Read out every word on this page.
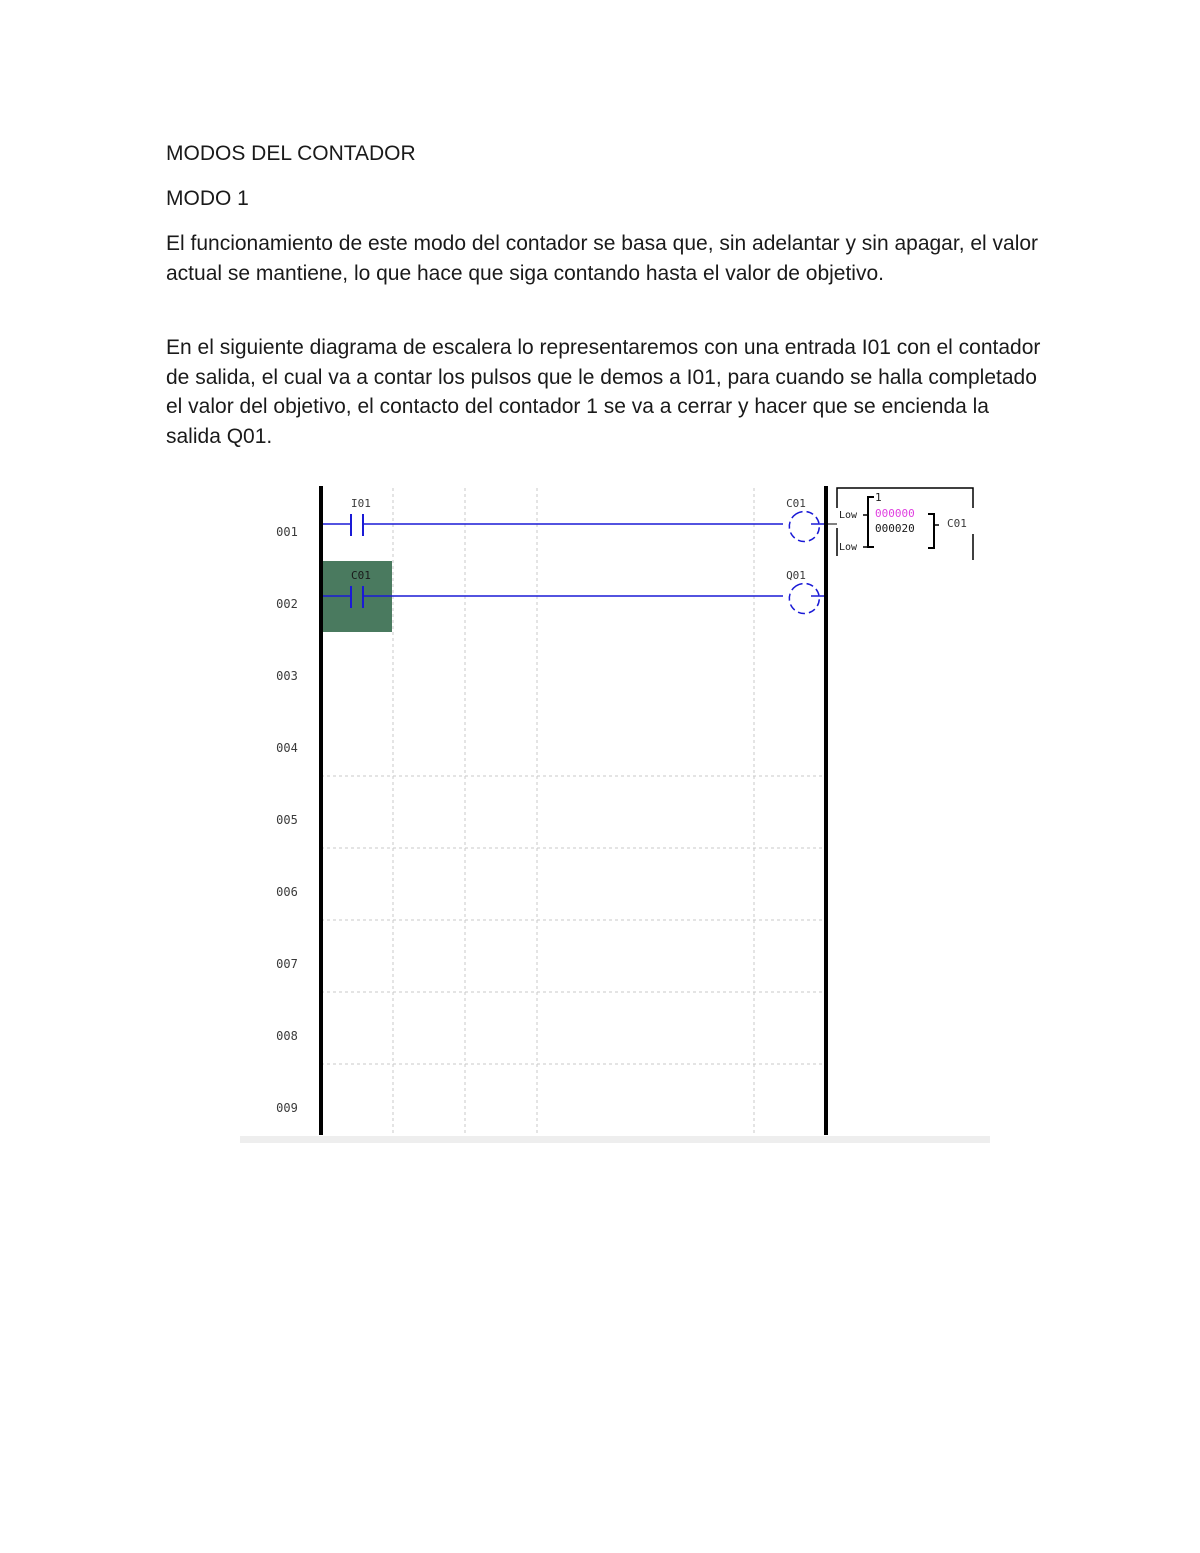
MODOS DEL CONTADOR

MODO 1

El funcionamiento de este modo del contador se basa que, sin adelantar y sin apagar, el valor actual se mantiene, lo que hace que siga contando hasta el valor de objetivo.

En el siguiente diagrama de escalera lo representaremos con una entrada I01 con el contador de salida, el cual va a contar los pulsos que le demos a I01, para cuando se halla completado el valor del objetivo, el contacto del contador 1 se va a cerrar y hacer que se encienda la salida Q01.

001
002
003
004
005
006
007
008
009
I01	C01
C01	Q01
1
000000
000020
Low
Low
C01
